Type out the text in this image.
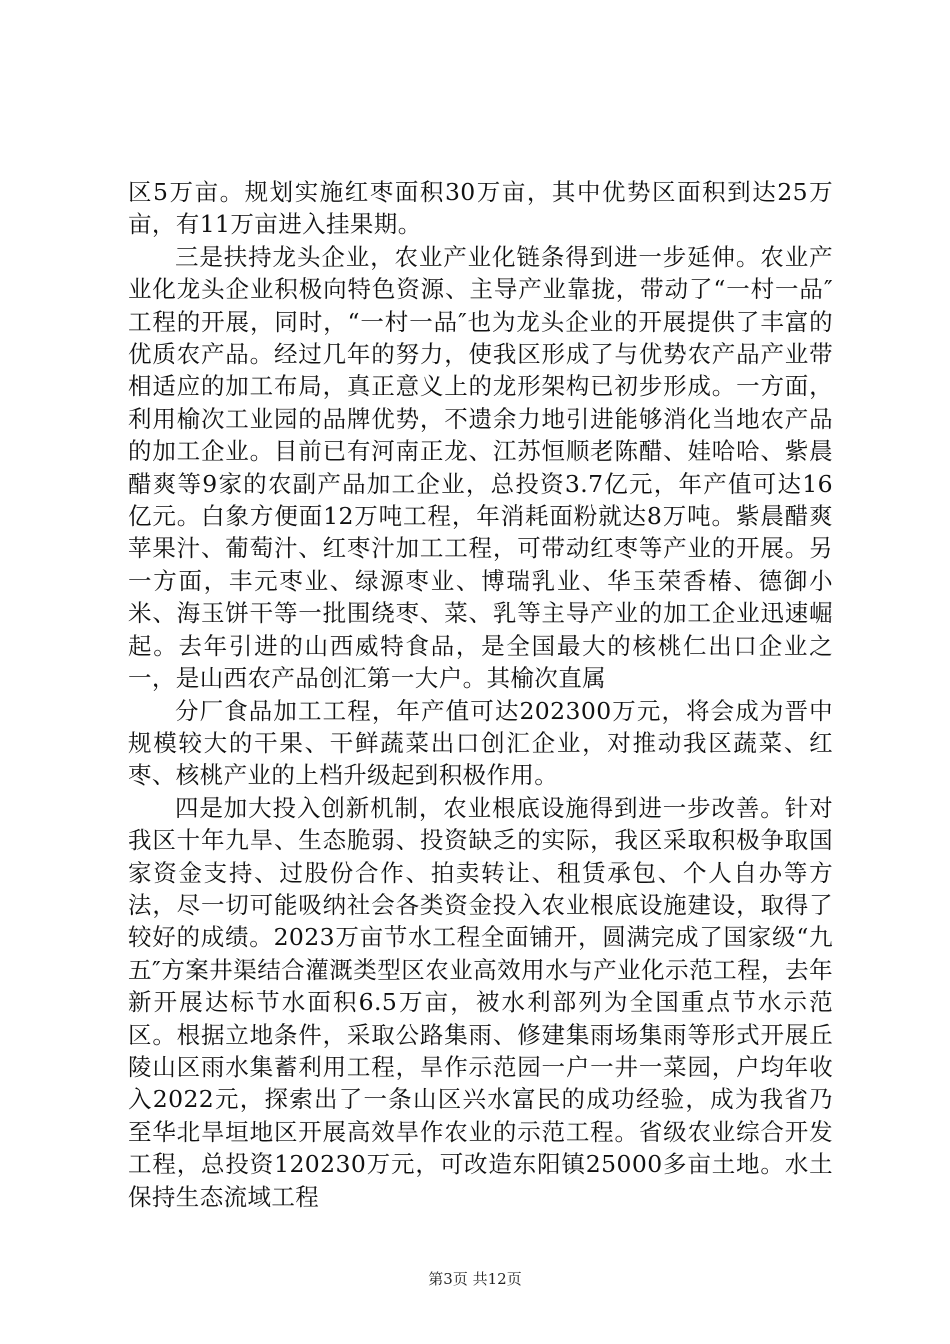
区5万亩。规划实施红枣面积30万亩，其中优势区面积到达25万亩，有11万亩进入挂果期。

三是扶持龙头企业，农业产业化链条得到进一步延伸。农业产业化龙头企业积极向特色资源、主导产业靠拢，带动了“一村一品″工程的开展，同时，“一村一品″也为龙头企业的开展提供了丰富的优质农产品。经过几年的努力，使我区形成了与优势农产品产业带相适应的加工布局，真正意义上的龙形架构已初步形成。一方面，利用榆次工业园的品牌优势，不遗余力地引进能够消化当地农产品的加工企业。目前已有河南正龙、江苏恒顺老陈醋、娃哈哈、紫晨醋爽等9家的农副产品加工企业，总投资3.7亿元，年产值可达16亿元。白象方便面12万吨工程，年消耗面粉就达8万吨。紫晨醋爽苹果汁、葡萄汁、红枣汁加工工程，可带动红枣等产业的开展。另一方面，丰元枣业、绿源枣业、博瑞乳业、华玉荣香椿、德御小米、海玉饼干等一批围绕枣、菜、乳等主导产业的加工企业迅速崛起。去年引进的山西威特食品，是全国最大的核桃仁出口企业之一，是山西农产品创汇第一大户。其榆次直属

分厂食品加工工程，年产值可达202300万元，将会成为晋中规模较大的干果、干鲜蔬菜出口创汇企业，对推动我区蔬菜、红枣、核桃产业的上档升级起到积极作用。

四是加大投入创新机制，农业根底设施得到进一步改善。针对我区十年九旱、生态脆弱、投资缺乏的实际，我区采取积极争取国家资金支持、过股份合作、拍卖转让、租赁承包、个人自办等方法，尽一切可能吸纳社会各类资金投入农业根底设施建设，取得了较好的成绩。2023万亩节水工程全面铺开，圆满完成了国家级“九五″方案井渠结合灌溉类型区农业高效用水与产业化示范工程，去年新开展达标节水面积6.5万亩，被水利部列为全国重点节水示范区。根据立地条件，采取公路集雨、修建集雨场集雨等形式开展丘陵山区雨水集蓄利用工程，旱作示范园一户一井一菜园，户均年收入2022元，探索出了一条山区兴水富民的成功经验，成为我省乃至华北旱垣地区开展高效旱作农业的示范工程。省级农业综合开发工程，总投资120230万元，可改造东阳镇25000多亩土地。水土保持生态流域工程

第3页 共12页
